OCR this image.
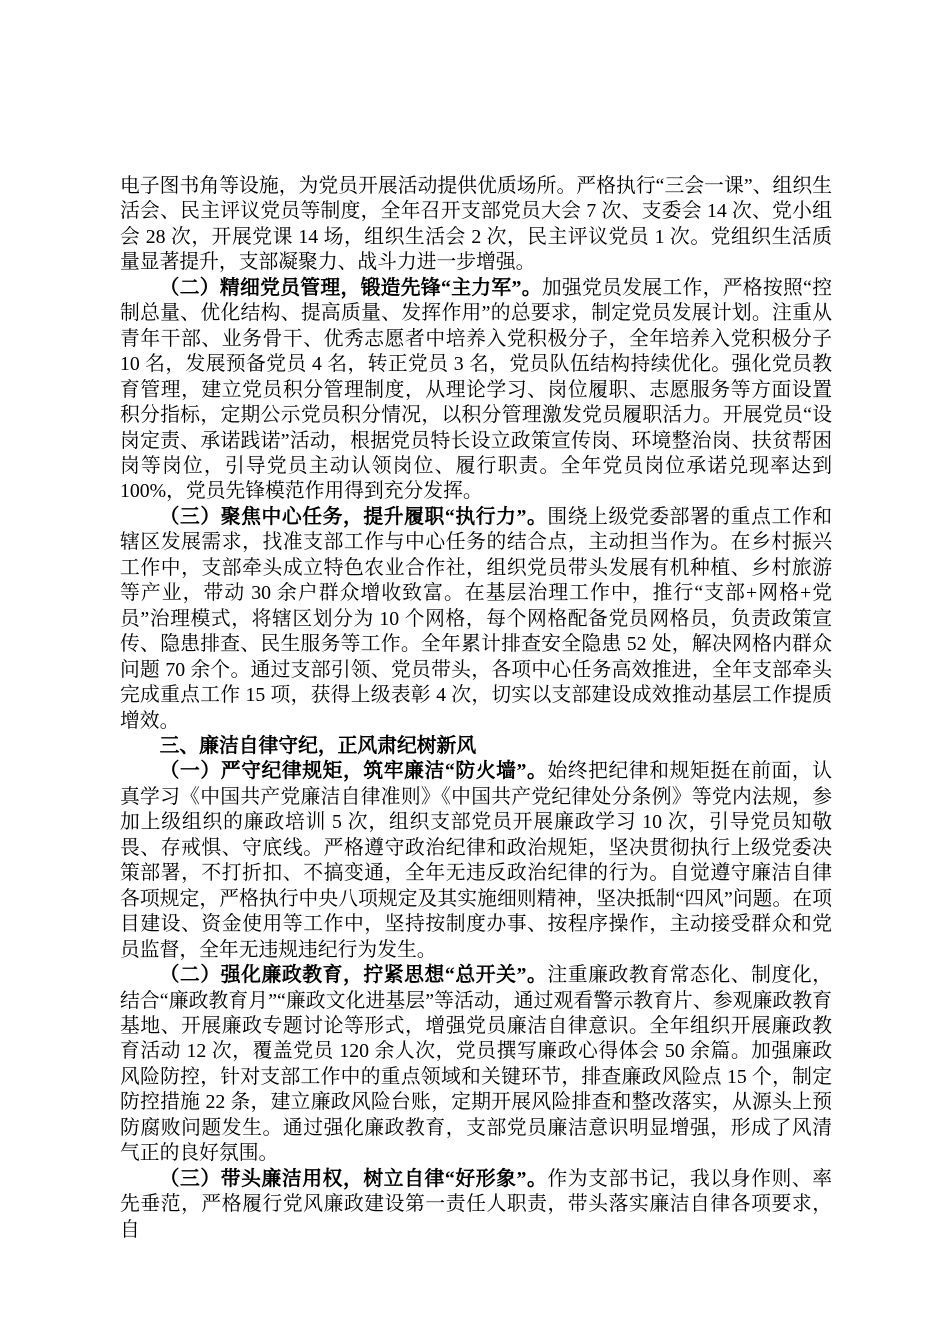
电子图书角等设施，为党员开展活动提供优质场所。严格执行“三会一课”、组织生活会、民主评议党员等制度，全年召开支部党员大会 7 次、支委会 14 次、党小组会 28 次，开展党课 14 场，组织生活会 2 次，民主评议党员 1 次。党组织生活质量显著提升，支部凝聚力、战斗力进一步增强。

（二）精细党员管理，锻造先锋“主力军”。加强党员发展工作，严格按照“控制总量、优化结构、提高质量、发挥作用”的总要求，制定党员发展计划。注重从青年干部、业务骨干、优秀志愿者中培养入党积极分子，全年培养入党积极分子 10 名，发展预备党员 4 名，转正党员 3 名，党员队伍结构持续优化。强化党员教育管理，建立党员积分管理制度，从理论学习、岗位履职、志愿服务等方面设置积分指标，定期公示党员积分情况，以积分管理激发党员履职活力。开展党员“设岗定责、承诺践诺”活动，根据党员特长设立政策宣传岗、环境整治岗、扶贫帮困岗等岗位，引导党员主动认领岗位、履行职责。全年党员岗位承诺兑现率达到 100%，党员先锋模范作用得到充分发挥。

（三）聚焦中心任务，提升履职“执行力”。围绕上级党委部署的重点工作和辖区发展需求，找准支部工作与中心任务的结合点，主动担当作为。在乡村振兴工作中，支部牵头成立特色农业合作社，组织党员带头发展有机种植、乡村旅游等产业，带动 30 余户群众增收致富。在基层治理工作中，推行“支部+网格+党员”治理模式，将辖区划分为 10 个网格，每个网格配备党员网格员，负责政策宣传、隐患排查、民生服务等工作。全年累计排查安全隐患 52 处，解决网格内群众问题 70 余个。通过支部引领、党员带头，各项中心任务高效推进，全年支部牵头完成重点工作 15 项，获得上级表彰 4 次，切实以支部建设成效推动基层工作提质增效。

三、廉洁自律守纪，正风肃纪树新风

（一）严守纪律规矩，筑牢廉洁“防火墙”。始终把纪律和规矩挺在前面，认真学习《中国共产党廉洁自律准则》《中国共产党纪律处分条例》等党内法规，参加上级组织的廉政培训 5 次，组织支部党员开展廉政学习 10 次，引导党员知敬畏、存戒惧、守底线。严格遵守政治纪律和政治规矩，坚决贯彻执行上级党委决策部署，不打折扣、不搞变通，全年无违反政治纪律的行为。自觉遵守廉洁自律各项规定，严格执行中央八项规定及其实施细则精神，坚决抵制“四风”问题。在项目建设、资金使用等工作中，坚持按制度办事、按程序操作，主动接受群众和党员监督，全年无违规违纪行为发生。

（二）强化廉政教育，拧紧思想“总开关”。注重廉政教育常态化、制度化，结合“廉政教育月”“廉政文化进基层”等活动，通过观看警示教育片、参观廉政教育基地、开展廉政专题讨论等形式，增强党员廉洁自律意识。全年组织开展廉政教育活动 12 次，覆盖党员 120 余人次，党员撰写廉政心得体会 50 余篇。加强廉政风险防控，针对支部工作中的重点领域和关键环节，排查廉政风险点 15 个，制定防控措施 22 条，建立廉政风险台账，定期开展风险排查和整改落实，从源头上预防腐败问题发生。通过强化廉政教育，支部党员廉洁意识明显增强，形成了风清气正的良好氛围。

（三）带头廉洁用权，树立自律“好形象”。作为支部书记，我以身作则、率先垂范，严格履行党风廉政建设第一责任人职责，带头落实廉洁自律各项要求，自
